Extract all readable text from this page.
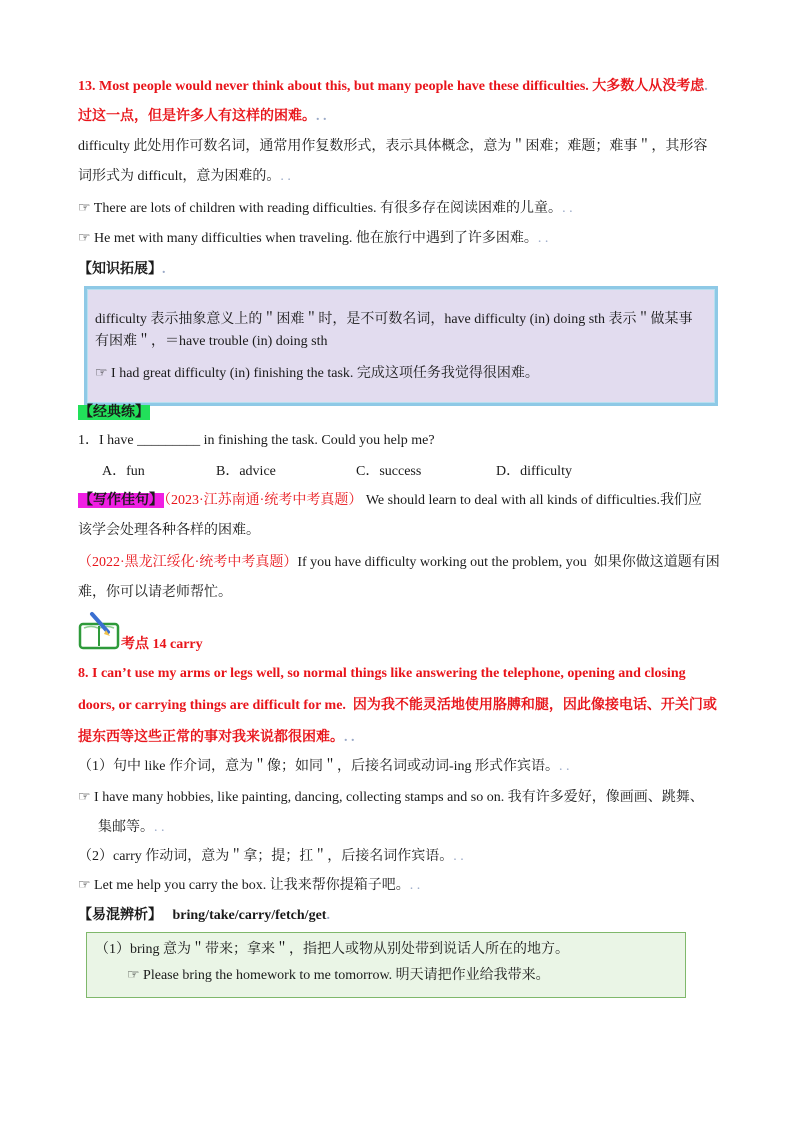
13. Most people would never think about this, but many people have these difficulties. 大多数人从没考虑.
过这一点，但是许多人有这样的困难。. .
difficulty 此处用作可数名词，通常用作复数形式，表示具体概念，意为＂困难；难题；难事＂，其形容
词形式为 difficult，意为困难的。. .
☞ There are lots of children with reading difficulties. 有很多存在阅读困难的儿童。. .
☞ He met with many difficulties when traveling. 他在旅行中遇到了许多困难。. .
【知识拓展】.
difficulty 表示抽象意义上的＂困难＂时，是不可数名词，have difficulty (in) doing sth 表示＂做某事
有困难＂，＝have trouble (in) doing sth
☞ I had great difficulty (in) finishing the task. 完成这项任务我觉得很困难。
【经典练】
1．I have _________ in finishing the task. Could you help me?
A．fun	B．advice	C．success	D．difficulty
【写作佳句】（2023·江苏南通·统考中考真题） We should learn to deal with all kinds of difficulties.我们应
该学会处理各种各样的困难。
（2022·黑龙江绥化·统考中考真题）If you have difficulty working out the problem, you 如果你做这道题有困
难，你可以请老师帮忙。
考点 14 carry
8. I can’t use my arms or legs well, so normal things like answering the telephone, opening and closing
doors, or carrying things are difficult for me. 因为我不能灵活地使用胳膊和腿，因此像接电话、开关门或
提东西等这些正常的事对我来说都很困难。. .
（1）句中 like 作介词，意为＂像；如同＂，后接名词或动词-ing 形式作宾语。. .
☞ I have many hobbies, like painting, dancing, collecting stamps and so on. 我有许多爱好，像画画、跳舞、
集邮等。. .
（2）carry 作动词，意为＂拿；提；扛＂，后接名词作宾语。. .
☞ Let me help you carry the box. 让我来帮你提箱子吧。. .
【易混辨析】 bring/take/carry/fetch/get.
（1）bring 意为＂带来；拿来＂，指把人或物从别处带到说话人所在的地方。
☞ Please bring the homework to me tomorrow. 明天请把作业给我带来。
